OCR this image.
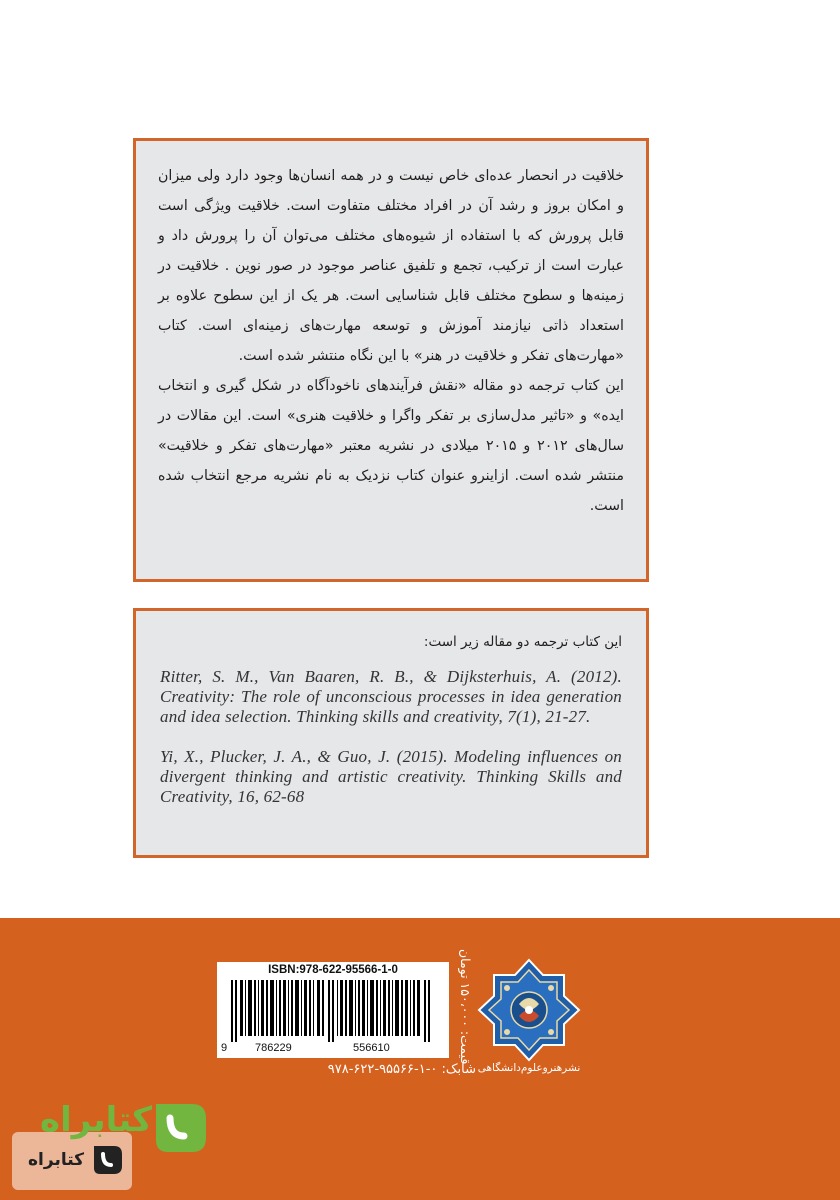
خلاقیت در انحصار عده‌ای خاص نیست و در همه انسان‌ها وجود دارد ولی میزان و امکان بروز و رشد آن در افراد مختلف متفاوت است. خلاقیت ویژگی است قابل پرورش که با استفاده از شیوه‌های مختلف می‌توان آن را پرورش داد و عبارت است از ترکیب، تجمع و تلفیق عناصر موجود در صور نوین . خلاقیت در زمینه‌ها و سطوح مختلف قابل شناسایی است. هر یک از این سطوح علاوه بر استعداد ذاتی نیازمند آموزش و توسعه مهارت‌های زمینه‌ای است. کتاب «مهارت‌های تفکر و خلاقیت در هنر» با این نگاه منتشر شده است.

این کتاب ترجمه دو مقاله «نقش فرآیندهای ناخودآگاه در شکل گیری و انتخاب ایده» و «تاثیر مدل‌سازی بر تفکر واگرا و خلاقیت هنری» است. این مقالات در سال‌های ۲۰۱۲ و ۲۰۱۵ میلادی در نشریه معتبر «مهارت‌های تفکر و خلاقیت» منتشر شده است. ازاینرو عنوان کتاب نزدیک به نام نشریه مرجع انتخاب شده است.

این کتاب ترجمه دو مقاله زیر است:

Ritter, S. M., Van Baaren, R. B., & Dijksterhuis, A. (2012). Creativity: The role of unconscious processes in idea generation and idea selection. Thinking skills and creativity, 7(1), 21-27.

Yi, X., Plucker, J. A., & Guo, J. (2015). Modeling influences on divergent thinking and artistic creativity. Thinking Skills and Creativity, 16, 62-68

ISBN:978-622-95566-1-0
9	786229	556610
قیمت: ۱۵۰،۰۰۰ تومان
شابک: ۰-۱-۹۵۵۶۶-۶۲۲-۹۷۸ نشرهنرو‌علوم‌دانشگاهی
کتابراه
کتابراه
